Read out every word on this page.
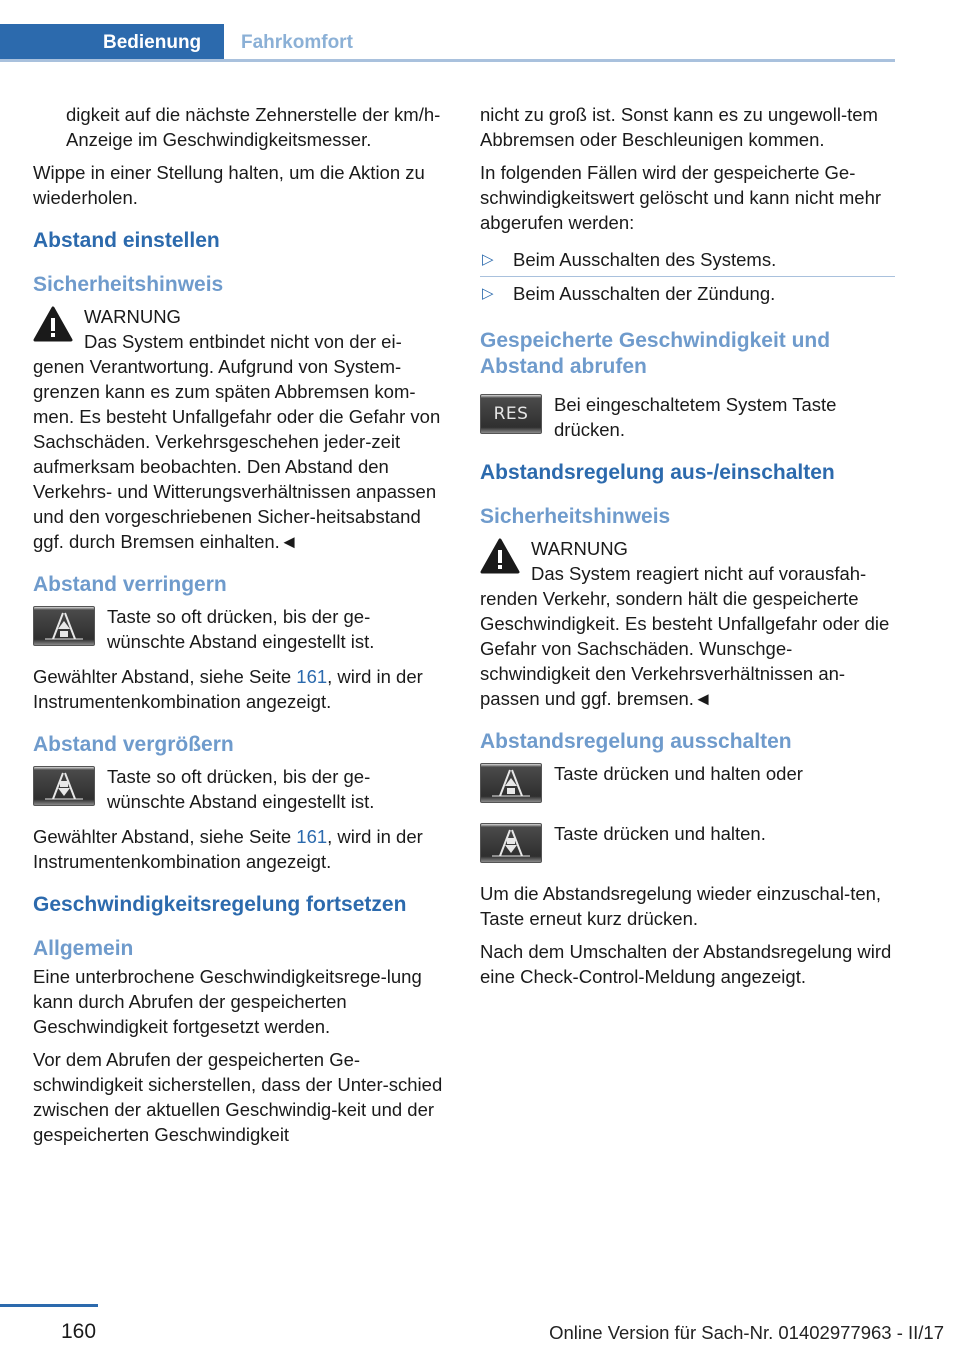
Bedienung	Fahrkomfort

digkeit auf die nächste Zehnerstelle der km/h-Anzeige im Geschwindigkeitsmesser.

Wippe in einer Stellung halten, um die Aktion zu wiederholen.

Abstand einstellen
Sicherheitshinweis

WARNUNG

Das System entbindet nicht von der ei‐

genen Verantwortung. Aufgrund von System‐grenzen kann es zum späten Abbremsen kom‐men. Es besteht Unfallgefahr oder die Gefahr von Sachschäden. Verkehrsgeschehen jeder‐zeit aufmerksam beobachten. Den Abstand den Verkehrs- und Witterungsverhältnissen anpassen und den vorgeschriebenen Sicher‐heitsabstand ggf. durch Bremsen einhalten.◄

Abstand verringern

Taste so oft drücken, bis der ge‐wünschte Abstand eingestellt ist.

Gewählter Abstand, siehe Seite 161, wird in der Instrumentenkombination angezeigt.

Abstand vergrößern

Taste so oft drücken, bis der ge‐wünschte Abstand eingestellt ist.

Gewählter Abstand, siehe Seite 161, wird in der Instrumentenkombination angezeigt.

Geschwindigkeitsregelung fortsetzen
Allgemein

Eine unterbrochene Geschwindigkeitsrege‐lung kann durch Abrufen der gespeicherten Geschwindigkeit fortgesetzt werden.

Vor dem Abrufen der gespeicherten Ge‐schwindigkeit sicherstellen, dass der Unter‐schied zwischen der aktuellen Geschwindig‐keit und der gespeicherten Geschwindigkeit

nicht zu groß ist. Sonst kann es zu ungewoll‐tem Abbremsen oder Beschleunigen kommen.

In folgenden Fällen wird der gespeicherte Ge‐schwindigkeitswert gelöscht und kann nicht mehr abgerufen werden:

▷ Beim Ausschalten des Systems.
▷ Beim Ausschalten der Zündung.
Gespeicherte Geschwindigkeit und Abstand abrufen
RES Bei eingeschaltetem System Taste drücken.

Abstandsregelung aus-/einschalten
Sicherheitshinweis

WARNUNG

Das System reagiert nicht auf vorausfah‐

renden Verkehr, sondern hält die gespeicherte Geschwindigkeit. Es besteht Unfallgefahr oder die Gefahr von Sachschäden. Wunschge‐schwindigkeit den Verkehrsverhältnissen an‐passen und ggf. bremsen.◄

Abstandsregelung ausschalten

Taste drücken und halten oder

Taste drücken und halten.

Um die Abstandsregelung wieder einzuschal‐ten, Taste erneut kurz drücken.

Nach dem Umschalten der Abstandsregelung wird eine Check-Control-Meldung angezeigt.

160	Online Version für Sach-Nr. 01402977963 - II/17
